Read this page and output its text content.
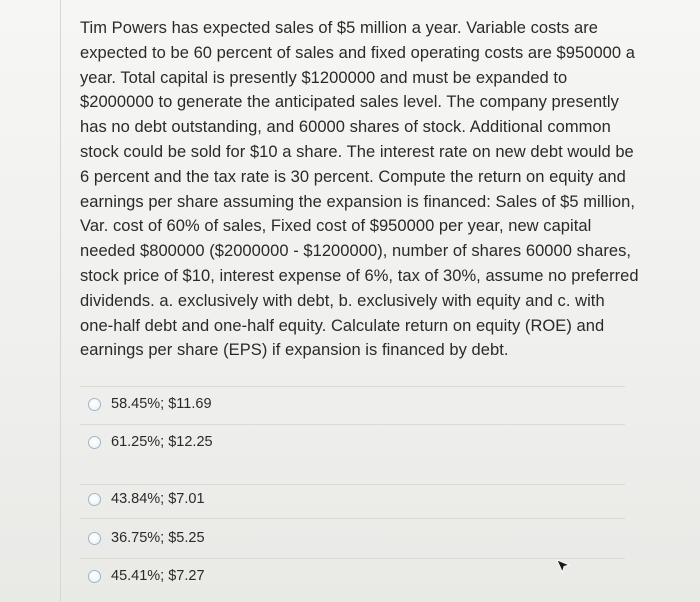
Tim Powers has expected sales of $5 million a year. Variable costs are expected to be 60 percent of sales and fixed operating costs are $950000 a year. Total capital is presently $1200000 and must be expanded to $2000000 to generate the anticipated sales level. The company presently has no debt outstanding, and 60000 shares of stock. Additional common stock could be sold for $10 a share. The interest rate on new debt would be 6 percent and the tax rate is 30 percent. Compute the return on equity and earnings per share assuming the expansion is financed: Sales of $5 million, Var. cost of 60% of sales, Fixed cost of $950000 per year, new capital needed $800000 ($2000000 - $1200000), number of shares 60000 shares, stock price of $10, interest expense of 6%, tax of 30%, assume no preferred dividends. a. exclusively with debt, b. exclusively with equity and c. with one-half debt and one-half equity. Calculate return on equity (ROE) and earnings per share (EPS) if expansion is financed by debt.

58.45%; $11.69
61.25%; $12.25
43.84%; $7.01
36.75%; $5.25
45.41%; $7.27
